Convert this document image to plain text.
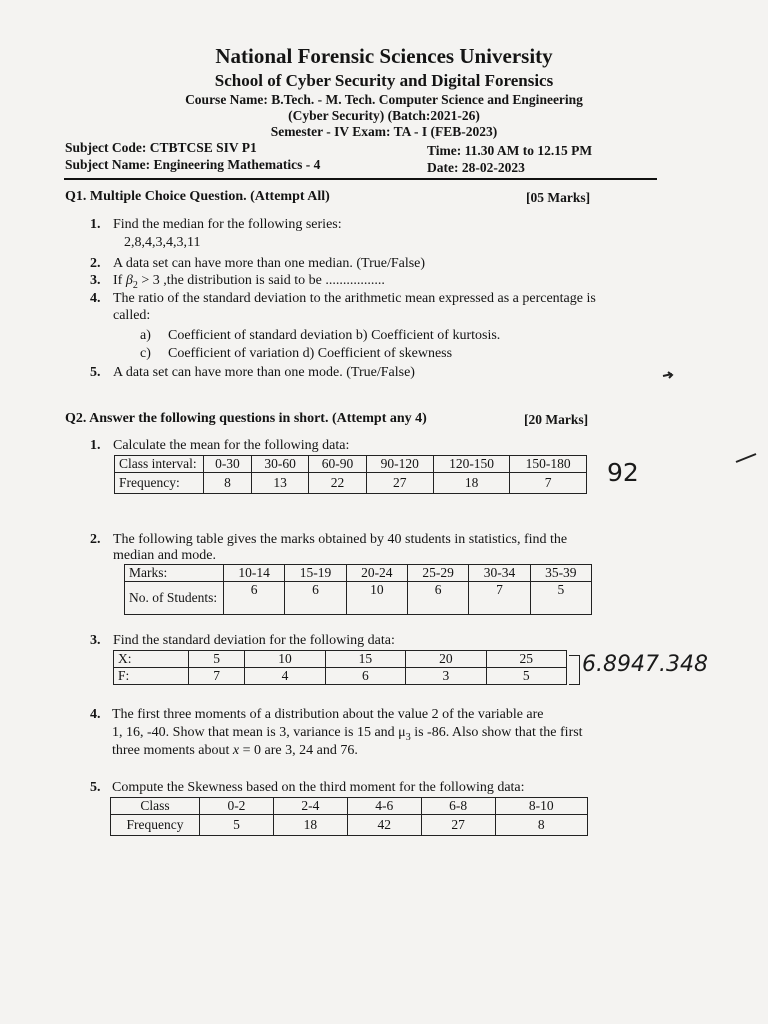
National Forensic Sciences University
School of Cyber Security and Digital Forensics
Course Name: B.Tech. - M. Tech. Computer Science and Engineering
(Cyber Security) (Batch:2021-26)
Semester - IV Exam: TA - I (FEB-2023)
Subject Code: CTBTCSE SIV P1
Subject Name: Engineering Mathematics - 4
Time: 11.30 AM to 12.15 PM
Date: 28-02-2023
Q1. Multiple Choice Question. (Attempt All)	[05 Marks]
1. Find the median for the following series:
2,8,4,3,4,3,11
2. A data set can have more than one median. (True/False)
3. If $\beta_2 > 3$ ,the distribution is said to be .................
4. The ratio of the standard deviation to the arithmetic mean expressed as a percentage is
called:
a) Coefficient of standard deviation b) Coefficient of kurtosis.
c) Coefficient of variation d) Coefficient of skewness
5. A data set can have more than one mode. (True/False)
Q2. Answer the following questions in short. (Attempt any 4)	[20 Marks]
1. Calculate the mean for the following data:
Class interval:	0-30	30-60	60-90	90-120	120-150	150-180
Frequency:	8	13	22	27	18	7 92
2. The following table gives the marks obtained by 40 students in statistics, find the
median and mode.
Marks:	10-14	15-19	20-24	25-29	30-34	35-39
No. of Students:	6	6	10	6	7	5
3. Find the standard deviation for the following data:
X:	5	10	15	20	25
F:	7	4	6	3	5 6.8947.348
4. The first three moments of a distribution about the value 2 of the variable are
1, 16, -40. Show that mean is 3, variance is 15 and $\mu_3$ is -86. Also show that the first
three moments about x = 0 are 3, 24 and 76.
5. Compute the Skewness based on the third moment for the following data:
Class	0-2	2-4	4-6	6-8	8-10
Frequency	5	18	42	27	8
